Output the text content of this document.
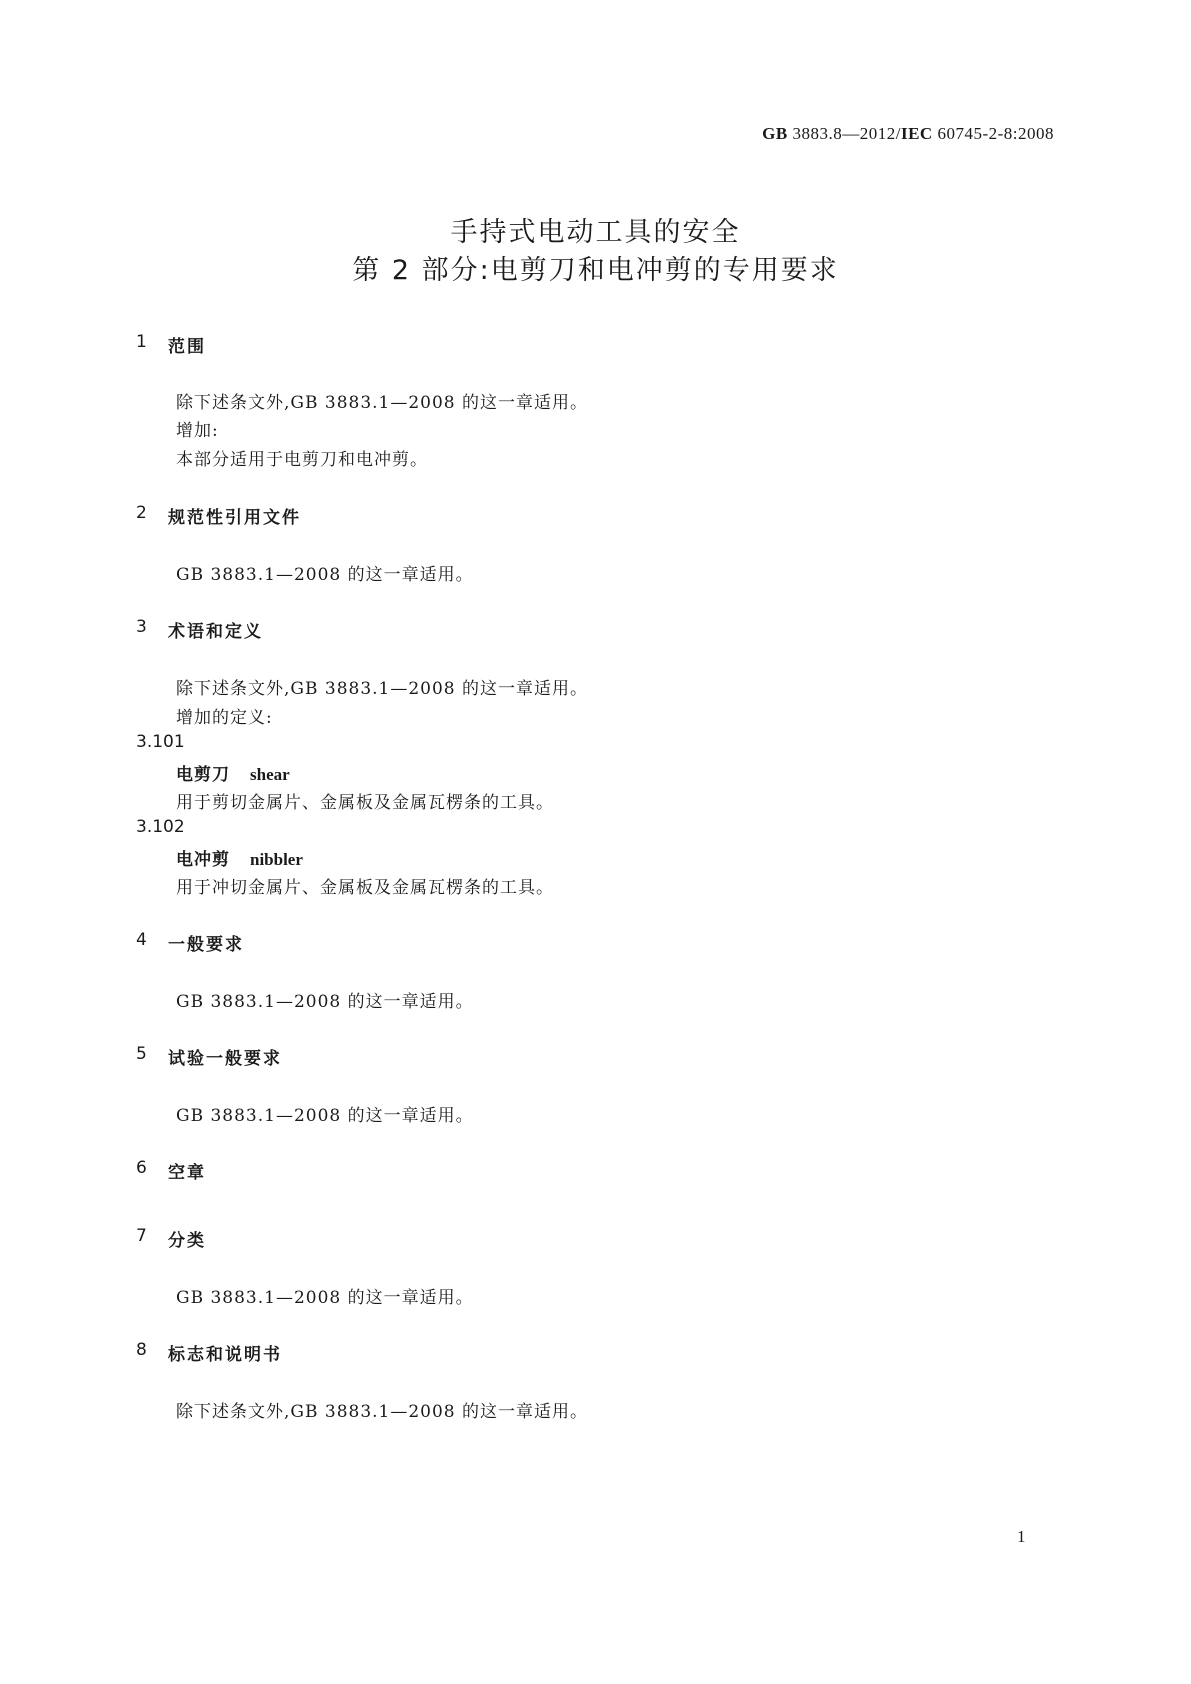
GB 3883.8—2012/IEC 60745-2-8:2008
手持式电动工具的安全
第 2 部分:电剪刀和电冲剪的专用要求
1 范围
除下述条文外,GB 3883.1—2008 的这一章适用。
增加:
本部分适用于电剪刀和电冲剪。
2 规范性引用文件
GB 3883.1—2008 的这一章适用。
3 术语和定义
除下述条文外,GB 3883.1—2008 的这一章适用。
增加的定义:
3.101
电剪刀 shear
用于剪切金属片、金属板及金属瓦楞条的工具。
3.102
电冲剪 nibbler
用于冲切金属片、金属板及金属瓦楞条的工具。
4 一般要求
GB 3883.1—2008 的这一章适用。
5 试验一般要求
GB 3883.1—2008 的这一章适用。
6 空章
7 分类
GB 3883.1—2008 的这一章适用。
8 标志和说明书
除下述条文外,GB 3883.1—2008 的这一章适用。
1
